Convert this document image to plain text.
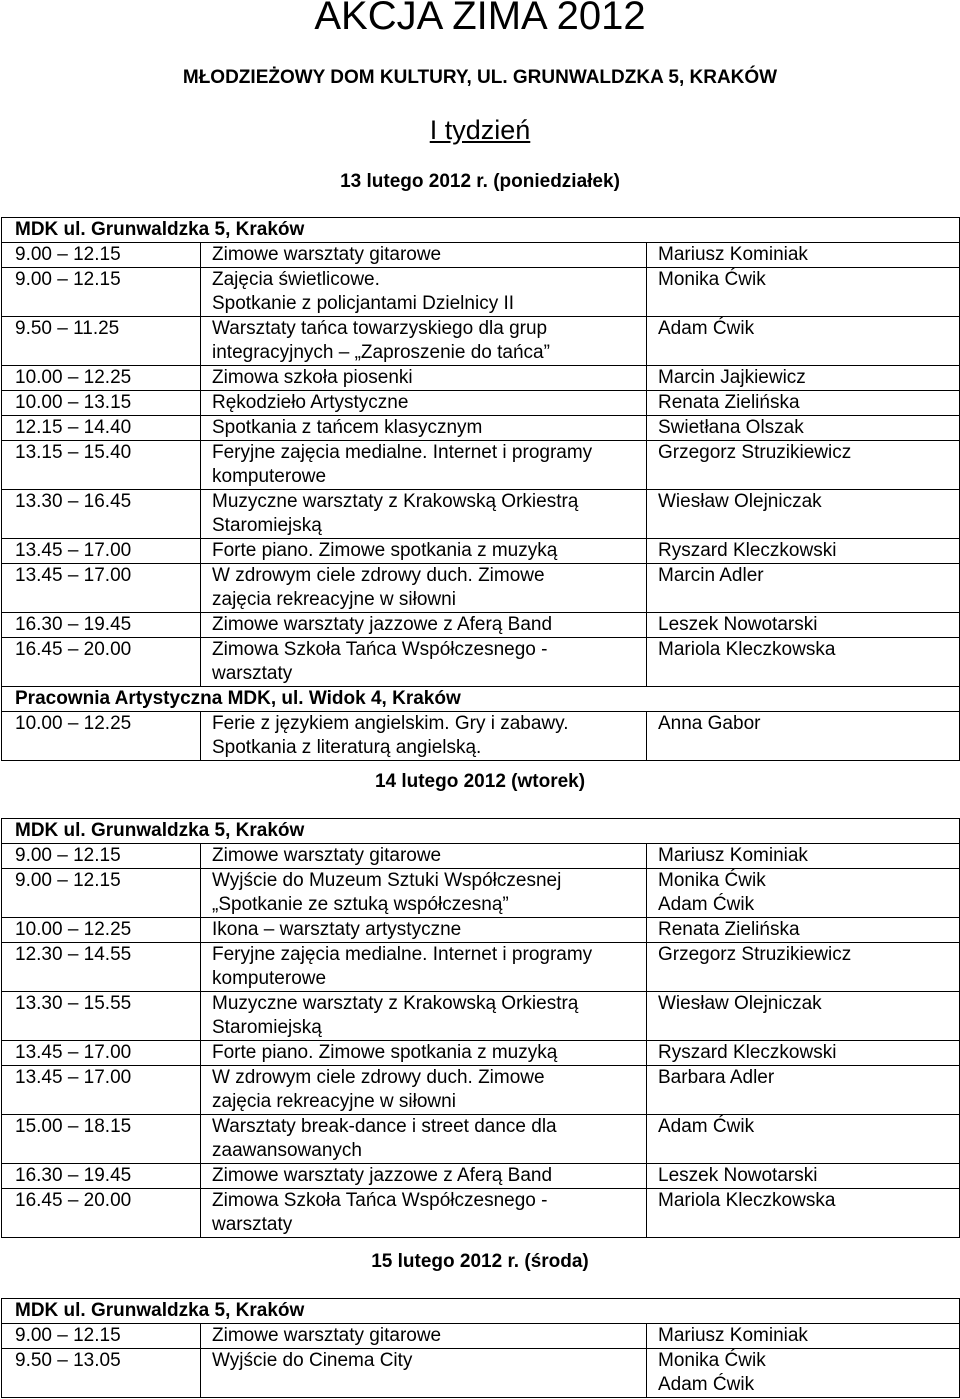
AKCJA ZIMA 2012
MŁODZIEŻOWY DOM KULTURY, UL. GRUNWALDZKA 5, KRAKÓW
I tydzień
13 lutego 2012 r. (poniedziałek)
MDK ul. Grunwaldzka 5, Kraków		
9.00 – 12.15	Zimowe warsztaty gitarowe	Mariusz Kominiak

9.00 – 12.15	Zajęcia świetlicowe.
Spotkanie z policjantami Dzielnicy II	Monika Ćwik

9.50 – 11.25	Warsztaty tańca towarzyskiego dla grup
integracyjnych – „Zaproszenie do tańca”	Adam Ćwik

10.00 – 12.25	Zimowa szkoła piosenki	Marcin Jajkiewicz

10.00 – 13.15	Rękodzieło Artystyczne	Renata Zielińska

12.15 – 14.40	Spotkania z tańcem klasycznym	Swietłana Olszak

13.15 – 15.40	Feryjne zajęcia medialne. Internet i programy
komputerowe	Grzegorz Struzikiewicz

13.30 – 16.45	Muzyczne warsztaty z Krakowską Orkiestrą
Staromiejską	Wiesław Olejniczak

13.45 – 17.00	Forte piano. Zimowe spotkania z muzyką	Ryszard Kleczkowski

13.45 – 17.00	W zdrowym ciele zdrowy duch. Zimowe
zajęcia rekreacyjne w siłowni	Marcin Adler

16.30 – 19.45	Zimowe warsztaty jazzowe z Aferą Band	Leszek Nowotarski

16.45 – 20.00	Zimowa Szkoła Tańca Współczesnego -
warsztaty	Mariola Kleczkowska

Pracownia Artystyczna MDK, ul. Widok 4, Kraków		
10.00 – 12.25	Ferie z językiem angielskim. Gry i zabawy.
Spotkania z literaturą angielską.	Anna Gabor
14 lutego 2012 (wtorek)
MDK ul. Grunwaldzka 5, Kraków		
9.00 – 12.15	Zimowe warsztaty gitarowe	Mariusz Kominiak

9.00 – 12.15	Wyjście do Muzeum Sztuki Współczesnej
„Spotkanie ze sztuką współczesną”	Monika Ćwik
Adam Ćwik

10.00 – 12.25	Ikona – warsztaty artystyczne	Renata Zielińska

12.30 – 14.55	Feryjne zajęcia medialne. Internet i programy
komputerowe	Grzegorz Struzikiewicz

13.30 – 15.55	Muzyczne warsztaty z Krakowską Orkiestrą
Staromiejską	Wiesław Olejniczak

13.45 – 17.00	Forte piano. Zimowe spotkania z muzyką	Ryszard Kleczkowski

13.45 – 17.00	W zdrowym ciele zdrowy duch. Zimowe
zajęcia rekreacyjne w siłowni	Barbara Adler

15.00 – 18.15	Warsztaty break-dance i street dance dla
zaawansowanych	Adam Ćwik

16.30 – 19.45	Zimowe warsztaty jazzowe z Aferą Band	Leszek Nowotarski

16.45 – 20.00	Zimowa Szkoła Tańca Współczesnego -
warsztaty	Mariola Kleczkowska
15 lutego 2012 r. (środa)
MDK ul. Grunwaldzka 5, Kraków		
9.00 – 12.15	Zimowe warsztaty gitarowe	Mariusz Kominiak

9.50 – 13.05	Wyjście do Cinema City	Monika Ćwik
Adam Ćwik
